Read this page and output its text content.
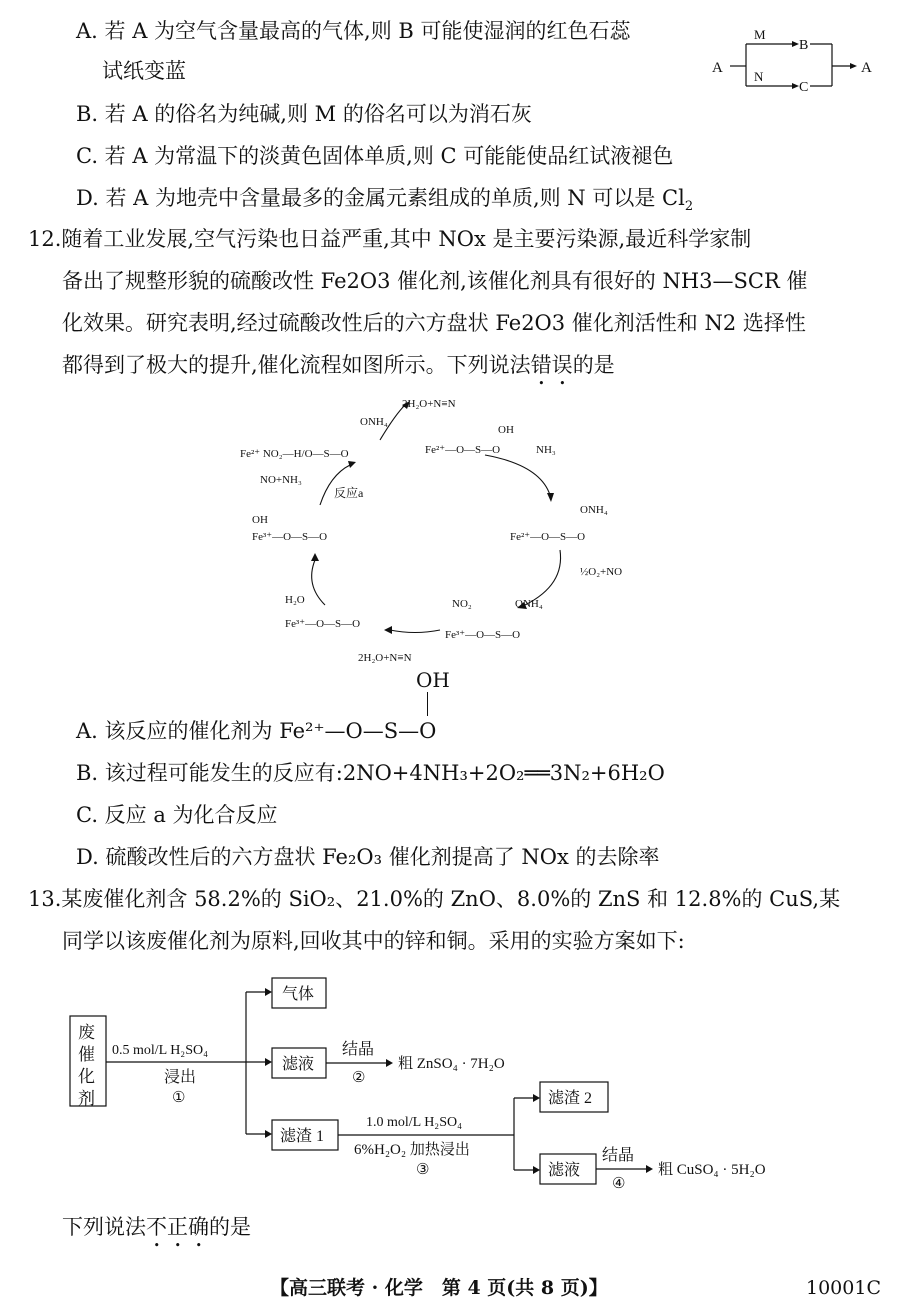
A. 若 A 为空气含量最高的气体,则 B 可能使湿润的红色石蕊
试纸变蓝
B. 若 A 的俗名为纯碱,则 M 的俗名可以为消石灰
C. 若 A 为常温下的淡黄色固体单质,则 C 可能能使品红试液褪色
D. 若 A 为地壳中含量最多的金属元素组成的单质,则 N 可以是 $Cl_2$
A
M
B
N
C
A
12.随着工业发展,空气污染也日益严重,其中 NOx 是主要污染源,最近科学家制
备出了规整形貌的硫酸改性 Fe2O3 催化剂,该催化剂具有很好的 NH3—SCR 催
化效果。研究表明,经过硫酸改性后的六方盘状 Fe2O3 催化剂活性和 N2 选择性
都得到了极大的提升,催化流程如图所示。下列说法错误的是
2H₂O+N≡N
ONH₄
Fe²⁺ NO₂—H/O—S—O	Fe²⁺—O—S—O
OH
NH₃
NO+NH₃
反应a
OH
Fe³⁺—O—S—O
ONH₄
Fe²⁺—O—S—O
½O₂+NO
H₂O
Fe³⁺—O—S—O
NO₂	ONH₄
Fe³⁺—O—S—O
2H₂O+N≡N
OH
A. 该反应的催化剂为 Fe²⁺—O—S—O
B. 该过程可能发生的反应有:2NO+4NH₃+2O₂══3N₂+6H₂O
C. 反应 a 为化合反应
D. 硫酸改性后的六方盘状 Fe₂O₃ 催化剂提高了 NOx 的去除率
13.某废催化剂含 58.2%的 SiO₂、21.0%的 ZnO、8.0%的 ZnS 和 12.8%的 CuS,某
同学以该废催化剂为原料,回收其中的锌和铜。采用的实验方案如下:
废
催
化
剂
0.5 mol/L H₂SO₄
浸出
①
气体
滤液
结晶
②
粗 ZnSO₄ · 7H₂O
滤渣 1
1.0 mol/L H₂SO₄
6%H₂O₂ 加热浸出
③
滤渣 2
滤液
结晶
④
粗 CuSO₄ · 5H₂O
下列说法不正确的是
【高三联考 · 化学　第 4 页(共 8 页)】	10001C
